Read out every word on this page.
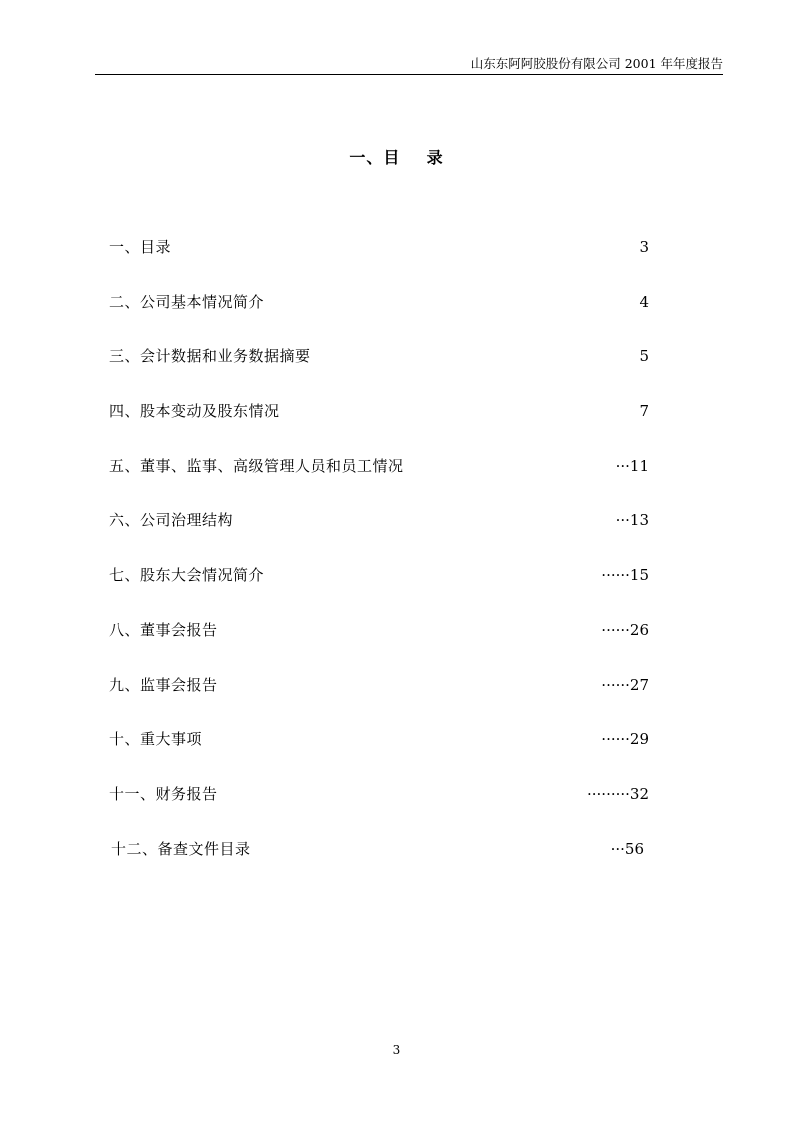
山东东阿阿胶股份有限公司 2001 年年度报告
一、目    录
一、目录	3
二、公司基本情况简介	4
三、会计数据和业务数据摘要	5
四、股本变动及股东情况	7
五、董事、监事、高级管理人员和员工情况	···11
六、公司治理结构	···13
七、股东大会情况简介	······15
八、董事会报告	······26
九、监事会报告	······27
十、重大事项	······29
十一、财务报告	·········32
十二、备查文件目录	···56
3
